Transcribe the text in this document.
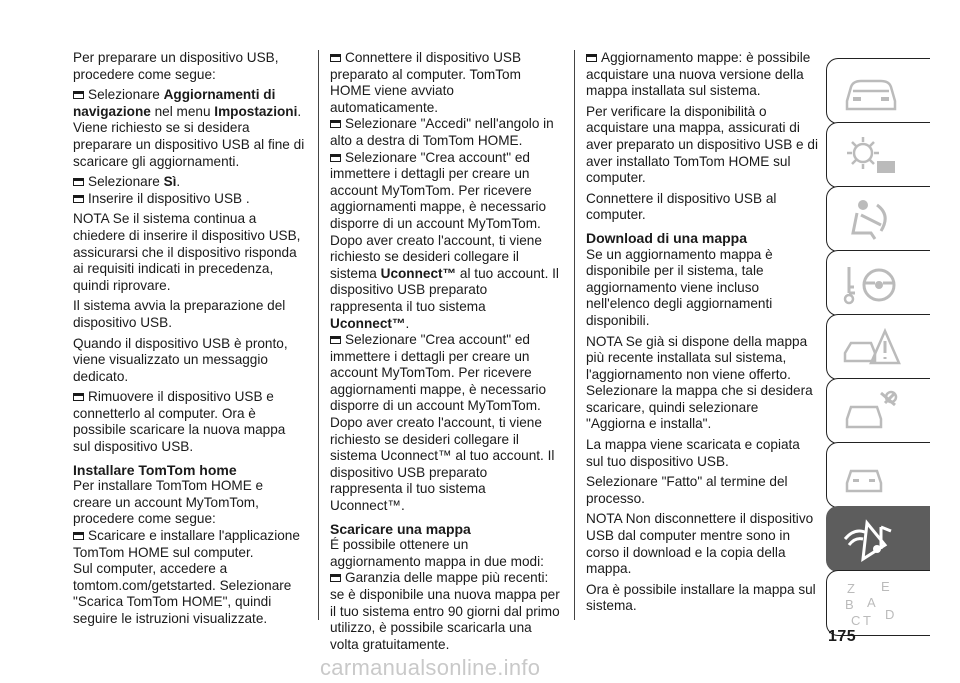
Per preparare un dispositivo USB, procedere come segue:

Selezionare Aggiornamenti di navigazione nel menu Impostazioni.

Viene richiesto se si desidera preparare un dispositivo USB al fine di scaricare gli aggiornamenti.

Selezionare Sì.

Inserire il dispositivo USB .

NOTA Se il sistema continua a chiedere di inserire il dispositivo USB, assicurarsi che il dispositivo risponda ai requisiti indicati in precedenza, quindi riprovare.

Il sistema avvia la preparazione del dispositivo USB.

Quando il dispositivo USB è pronto, viene visualizzato un messaggio dedicato.

Rimuovere il dispositivo USB e connetterlo al computer. Ora è possibile scaricare la nuova mappa sul dispositivo USB.

Installare TomTom home

Per installare TomTom HOME e creare un account MyTomTom, procedere come segue:

Scaricare e installare l'applicazione TomTom HOME sul computer.

Sul computer, accedere a tomtom.com/getstarted. Selezionare "Scarica TomTom HOME", quindi seguire le istruzioni visualizzate.

Connettere il dispositivo USB preparato al computer. TomTom HOME viene avviato automaticamente.

Selezionare "Accedi" nell'angolo in alto a destra di TomTom HOME.

Selezionare "Crea account" ed immettere i dettagli per creare un account MyTomTom. Per ricevere aggiornamenti mappe, è necessario disporre di un account MyTomTom. Dopo aver creato l'account, ti viene richiesto se desideri collegare il sistema Uconnect™ al tuo account. Il dispositivo USB preparato rappresenta il tuo sistema Uconnect™.

Selezionare "Crea account" ed immettere i dettagli per creare un account MyTomTom. Per ricevere aggiornamenti mappe, è necessario disporre di un account MyTomTom. Dopo aver creato l'account, ti viene richiesto se desideri collegare il sistema Uconnect™ al tuo account. Il dispositivo USB preparato rappresenta il tuo sistema Uconnect™.

Scaricare una mappa

É possibile ottenere un aggiornamento mappa in due modi:

Garanzia delle mappe più recenti: se è disponibile una nuova mappa per il tuo sistema entro 90 giorni dal primo utilizzo, è possibile scaricarla una volta gratuitamente.

Aggiornamento mappe: è possibile acquistare una nuova versione della mappa installata sul sistema.

Per verificare la disponibilità o acquistare una mappa, assicurati di aver preparato un dispositivo USB e di aver installato TomTom HOME sul computer.

Connettere il dispositivo USB al computer.

Download di una mappa

Se un aggiornamento mappa è disponibile per il sistema, tale aggiornamento viene incluso nell'elenco degli aggiornamenti disponibili.

NOTA Se già si dispone della mappa più recente installata sul sistema, l'aggiornamento non viene offerto. Selezionare la mappa che si desidera scaricare, quindi selezionare "Aggiorna e installa".

La mappa viene scaricata e copiata sul tuo dispositivo USB.

Selezionare "Fatto" al termine del processo.

NOTA Non disconnettere il dispositivo USB dal computer mentre sono in corso il download e la copia della mappa.

Ora è possibile installare la mappa sul sistema.

Z E
B A
C T D
175
carmanualsonline.info
